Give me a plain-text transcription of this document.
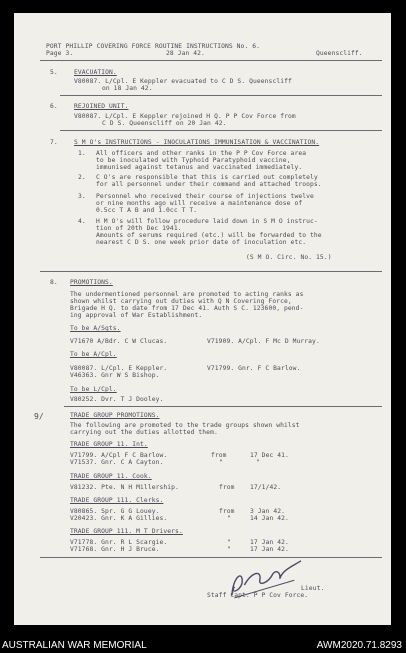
PORT PHILLIP COVERING FORCE ROUTINE INSTRUCTIONS No. 6.
Page 3.	28 Jan 42.	Queenscliff.
5.	EVACUATION.
V80087. L/Cpl. E Keppler evacuated to C D S. Queenscliff
on 18 Jan 42.
6.	REJOINED UNIT.
V80087. L/Cpl. E Keppler rejoined H Q. P P Cov Force from
C D S. Queenscliff on 20 Jan 42.
7.	S M O's INSTRUCTIONS - INOCULATIONS IMMUNISATION & VACCINATION.
1. All officers and other ranks in the P P Cov Force area
to be inoculated with Typhoid Paratyphoid vaccine,
immunised against tetanus and vaccinated immediately.
2. C O's are responsible that this is carried out completely
for all personnel under their command and attached troops.
3. Personnel who received their course of injections twelve
or nine months ago will receive a maintenance dose of
0.5cc T A B and 1.0cc T T.
4. H M O's will follow procedure laid down in S M O instruc-
tion of 20th Dec 1941.
Amounts of serums required (etc.) will be forwarded to the
nearest C D S. one week prior date of inoculation etc.
(S M O. Circ. No. 15.)
8. PROMOTIONS.
The undermentioned personnel are promoted to acting ranks as
shown whilst carrying out duties with Q N Covering Force,
Brigade H Q. to date from 17 Dec 41. Auth S C. 123600, pend-
ing approval of War Establishment.
To be A/Sgts.
V71670 A/Bdr. C W Clucas.	V71909. A/Cpl. F Mc D Murray.
To be A/Cpl.
V80087. L/Cpl. E Keppler.	V71799. Gnr. F C Barlow.
V46363. Gnr W S Bishop.
To be L/Cpl.
V80252. Dvr. T J Dooley.
9/	TRADE GROUP PROMOTIONS.
The following are promoted to the trade groups shown whilst
carrying out the duties allotted them.
TRADE GROUP 11. Int.
V71799. A/Cpl F C Barlow.	from	17 Dec 41.
V71537. Gnr. C A Cayton.	"	"
TRADE GROUP 11. Cook.
V81232. Pte. N H Millership.	from 17/1/42.
TRADE GROUP 111. Clerks.
V80865. Spr. G G Louey.	from 3 Jan 42.
V20423. Gnr. K A Gillies.	"	14 Jan 42.
TRADE GROUP 111. M T Drivers.
V71778. Gnr. R L Scargie.	"	17 Jan 42.
V71768. Gnr. H J Bruce.	"	17 Jan 42.
Lieut.
Staff Capt. P P Cov Force.
AUSTRALIAN WAR MEMORIAL	AWM2020.71.8293
